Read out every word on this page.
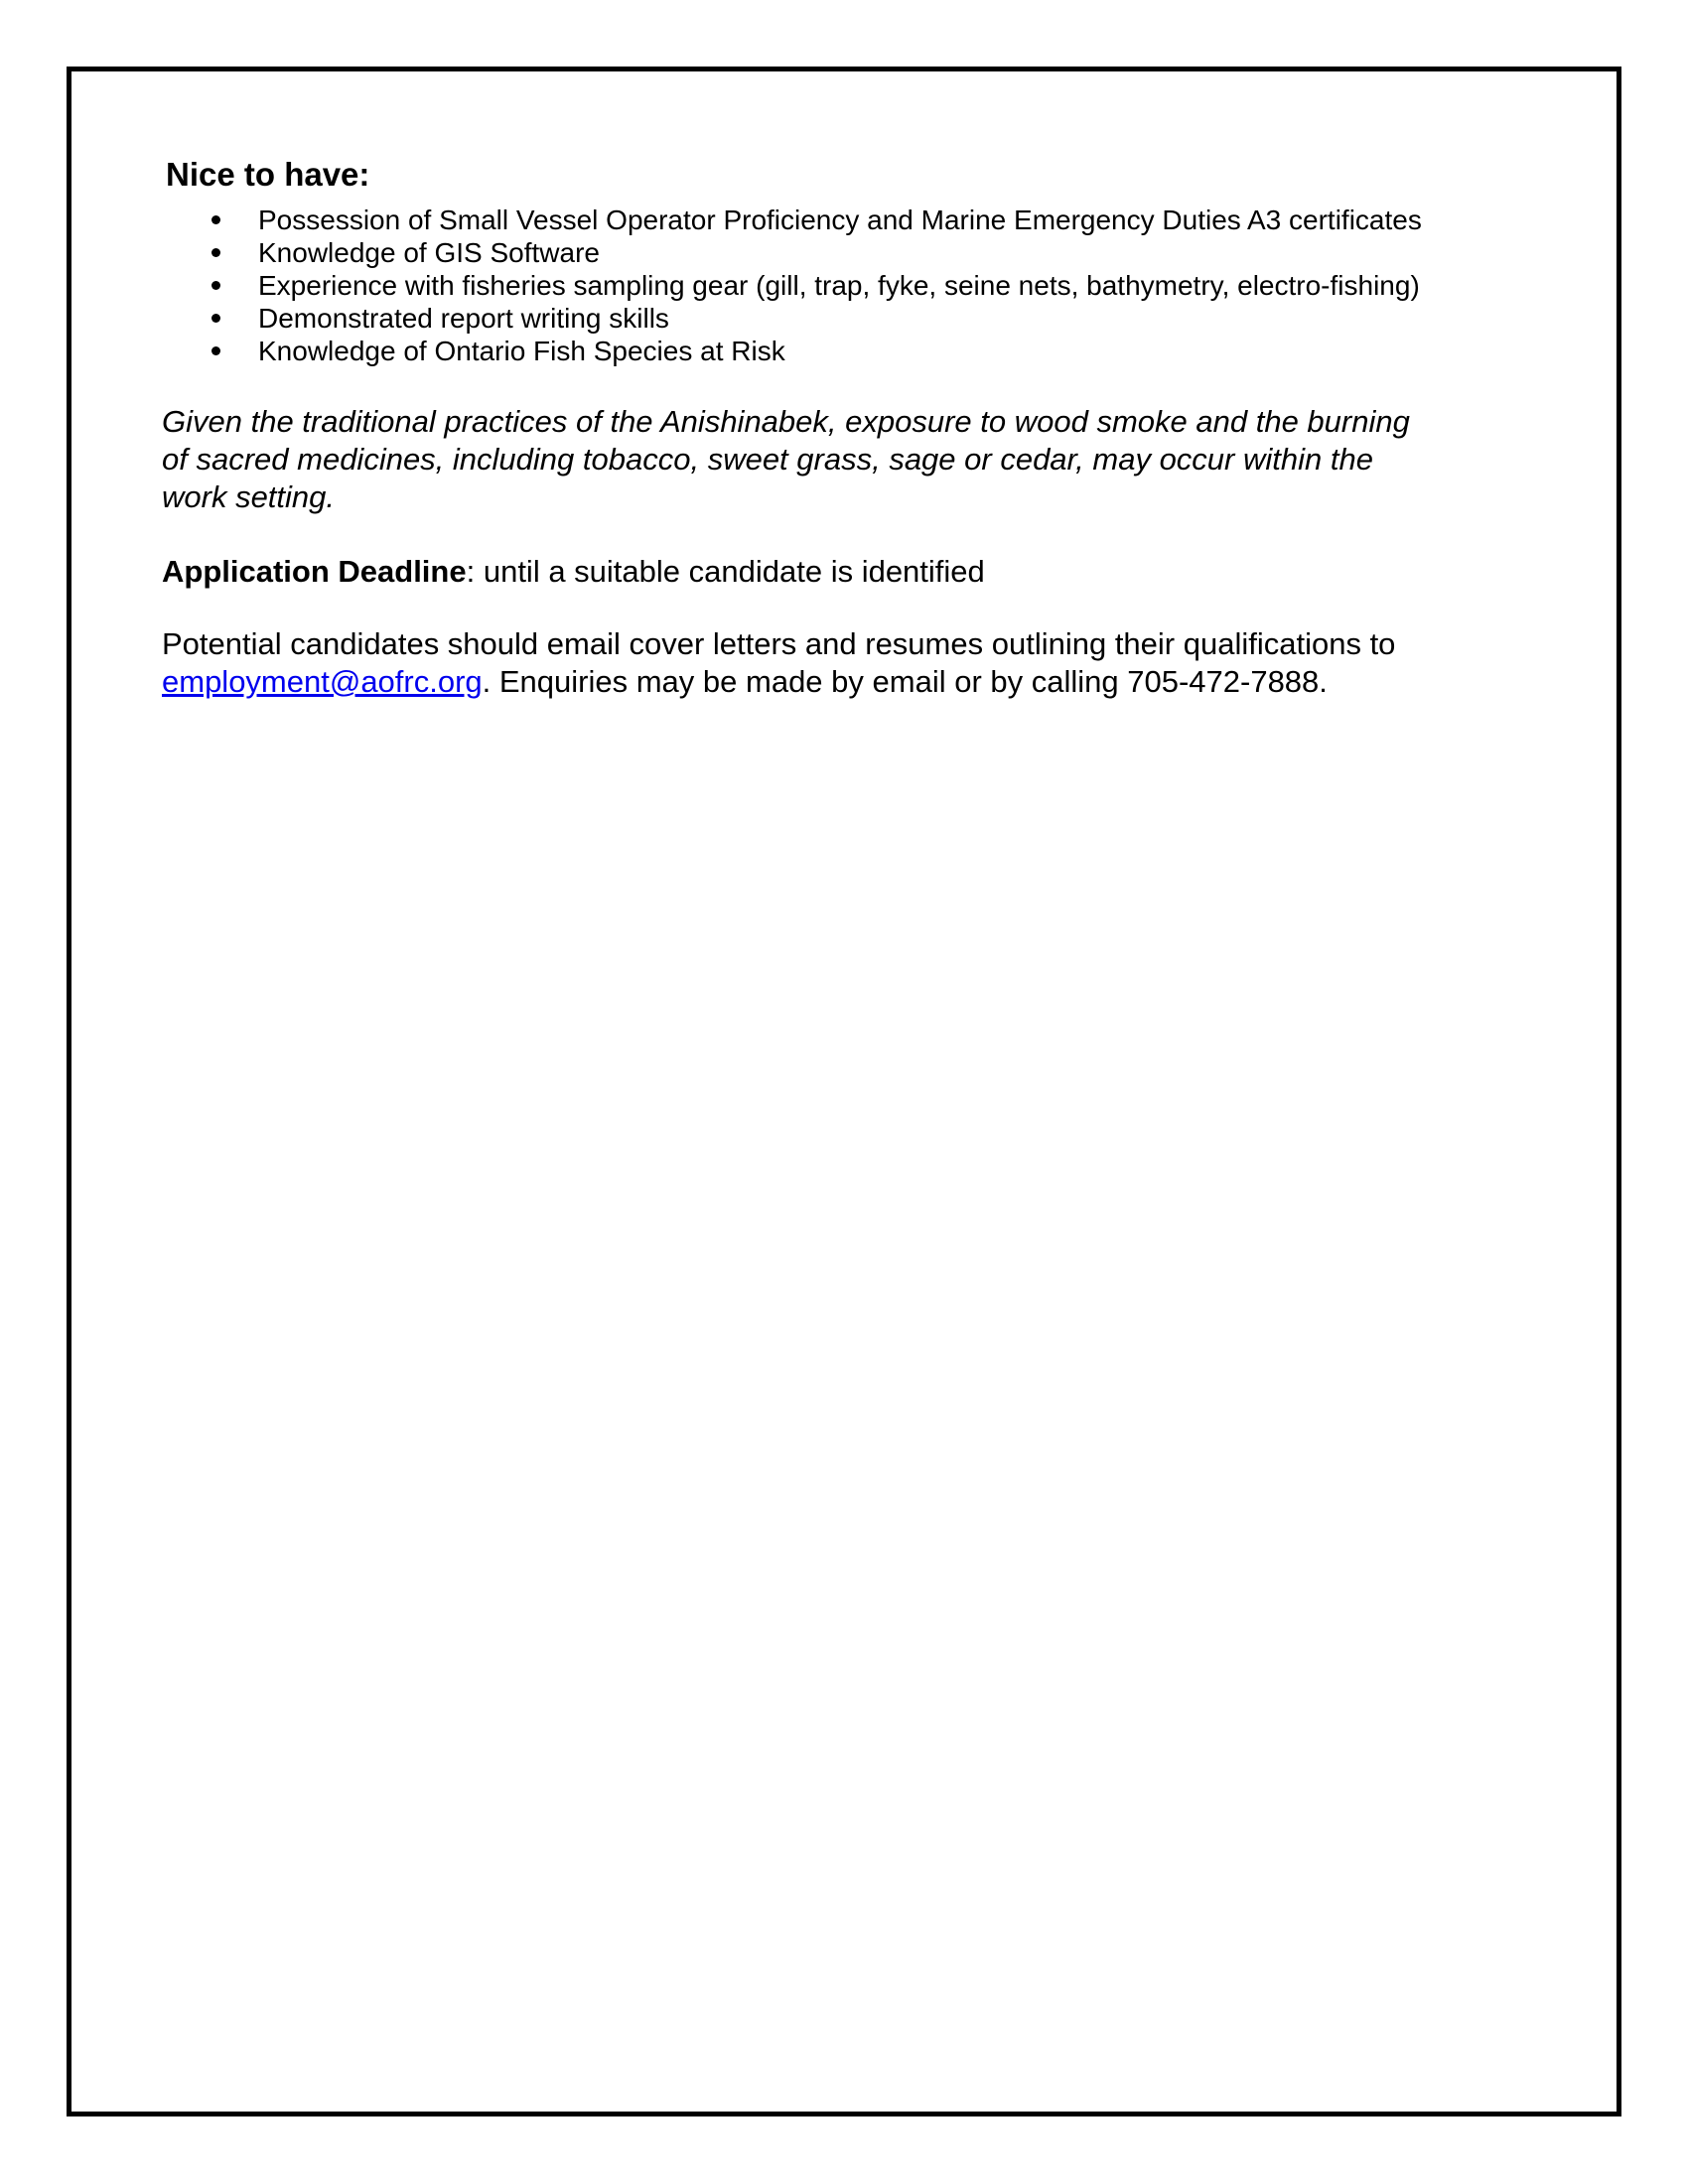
Nice to have:
Possession of Small Vessel Operator Proficiency and Marine Emergency Duties A3 certificates
Knowledge of GIS Software
Experience with fisheries sampling gear (gill, trap, fyke, seine nets, bathymetry, electro-fishing)
Demonstrated report writing skills
Knowledge of Ontario Fish Species at Risk
Given the traditional practices of the Anishinabek, exposure to wood smoke and the burning
of sacred medicines, including tobacco, sweet grass, sage or cedar, may occur within the
work setting.
Application Deadline: until a suitable candidate is identified
Potential candidates should email cover letters and resumes outlining their qualifications to
employment@aofrc.org. Enquiries may be made by email or by calling 705-472-7888.
